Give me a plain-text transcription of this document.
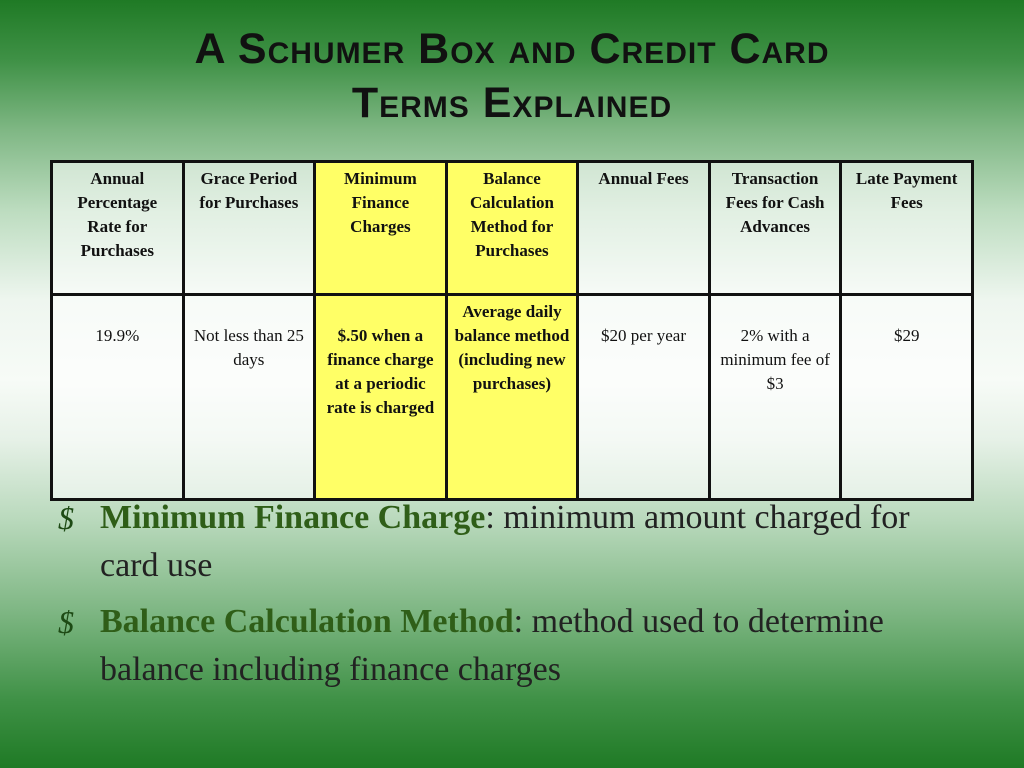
A Schumer Box and Credit Card
Terms Explained
Annual Percentage Rate for Purchases	Grace Period for Purchases	Minimum Finance Charges	Balance Calculation Method for Purchases	Annual Fees	Transaction Fees for Cash Advances	Late Payment Fees
19.9%	Not less than 25 days	$.50 when a finance charge at a periodic rate is charged	Average daily balance method (including new purchases)	$20 per year	2% with a minimum fee of $3	$29
$ Minimum Finance Charge: minimum amount charged for card use
$ Balance Calculation Method: method used to determine balance including finance charges
